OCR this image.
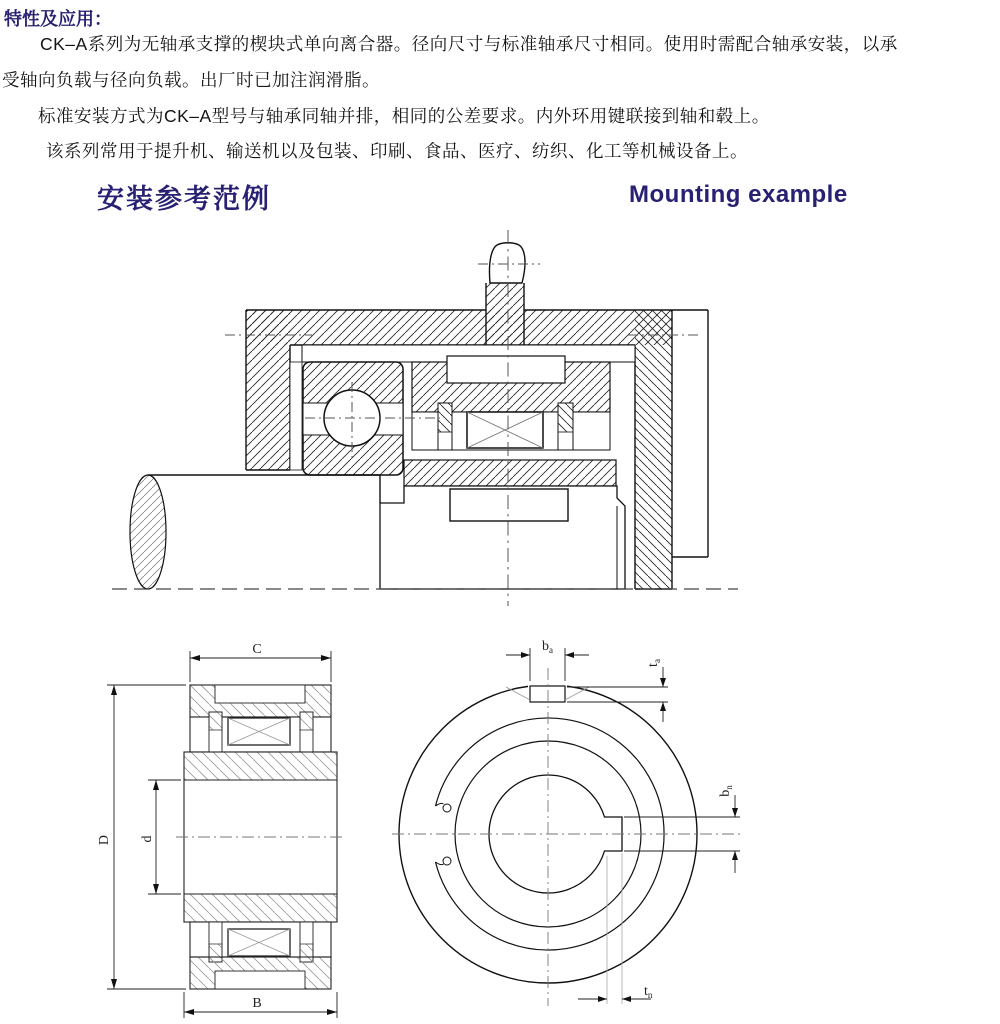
特性及应用：
CK–A系列为无轴承支撑的楔块式单向离合器。径向尺寸与标准轴承尺寸相同。使用时需配合轴承安装，以承
受轴向负载与径向负载。出厂时已加注润滑脂。
标准安装方式为CK–A型号与轴承同轴并排，相同的公差要求。内外环用键联接到轴和毂上。
该系列常用于提升机、输送机以及包装、印刷、食品、医疗、纺织、化工等机械设备上。
安装参考范例	Mounting example
C
D d
B
$b_a$
$t_a$
$b_n$
$t_n$
